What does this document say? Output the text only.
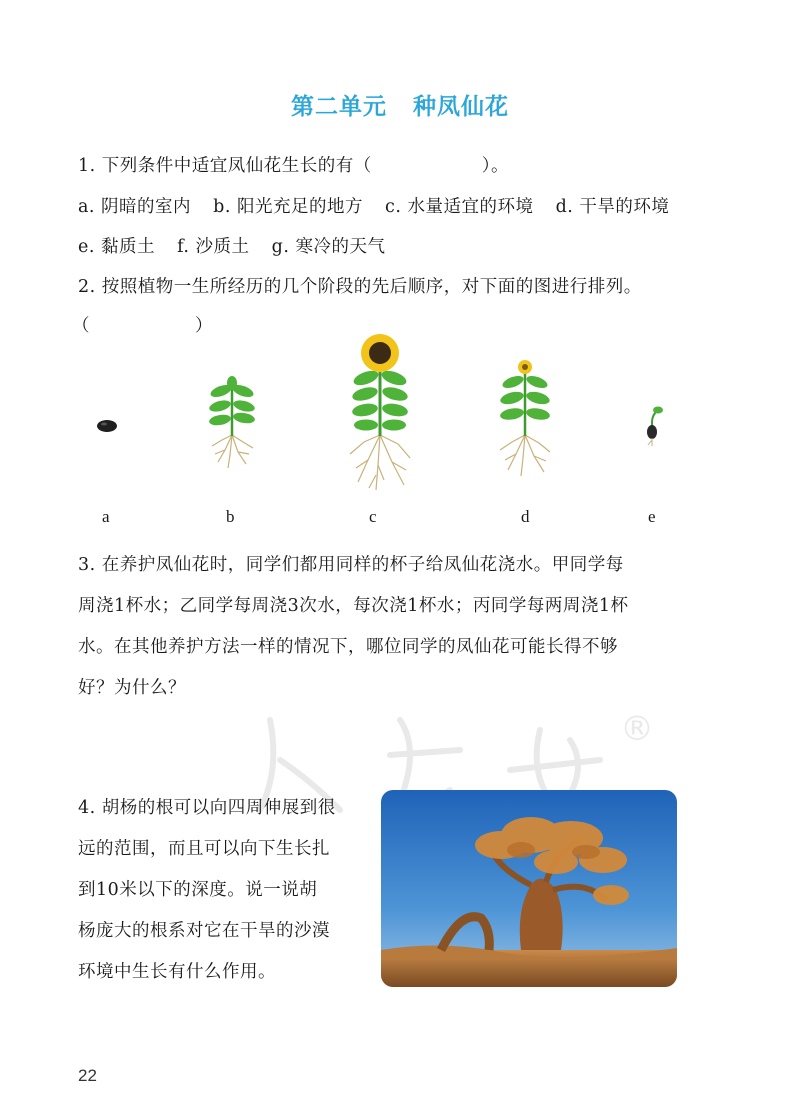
第二单元 种凤仙花
1. 下列条件中适宜凤仙花生长的有（	）。
a. 阴暗的室内 b. 阳光充足的地方 c. 水量适宜的环境 d. 干旱的环境
e. 黏质土 f. 沙质土 g. 寒冷的天气
2. 按照植物一生所经历的几个阶段的先后顺序，对下面的图进行排列。
（	）
a	b	c	d	e
3. 在养护凤仙花时，同学们都用同样的杯子给凤仙花浇水。甲同学每
周浇1杯水；乙同学每周浇3次水，每次浇1杯水；丙同学每两周浇1杯
水。在其他养护方法一样的情况下，哪位同学的凤仙花可能长得不够
好？为什么？
®
4. 胡杨的根可以向四周伸展到很
远的范围，而且可以向下生长扎
到10米以下的深度。说一说胡
杨庞大的根系对它在干旱的沙漠
环境中生长有什么作用。
22
